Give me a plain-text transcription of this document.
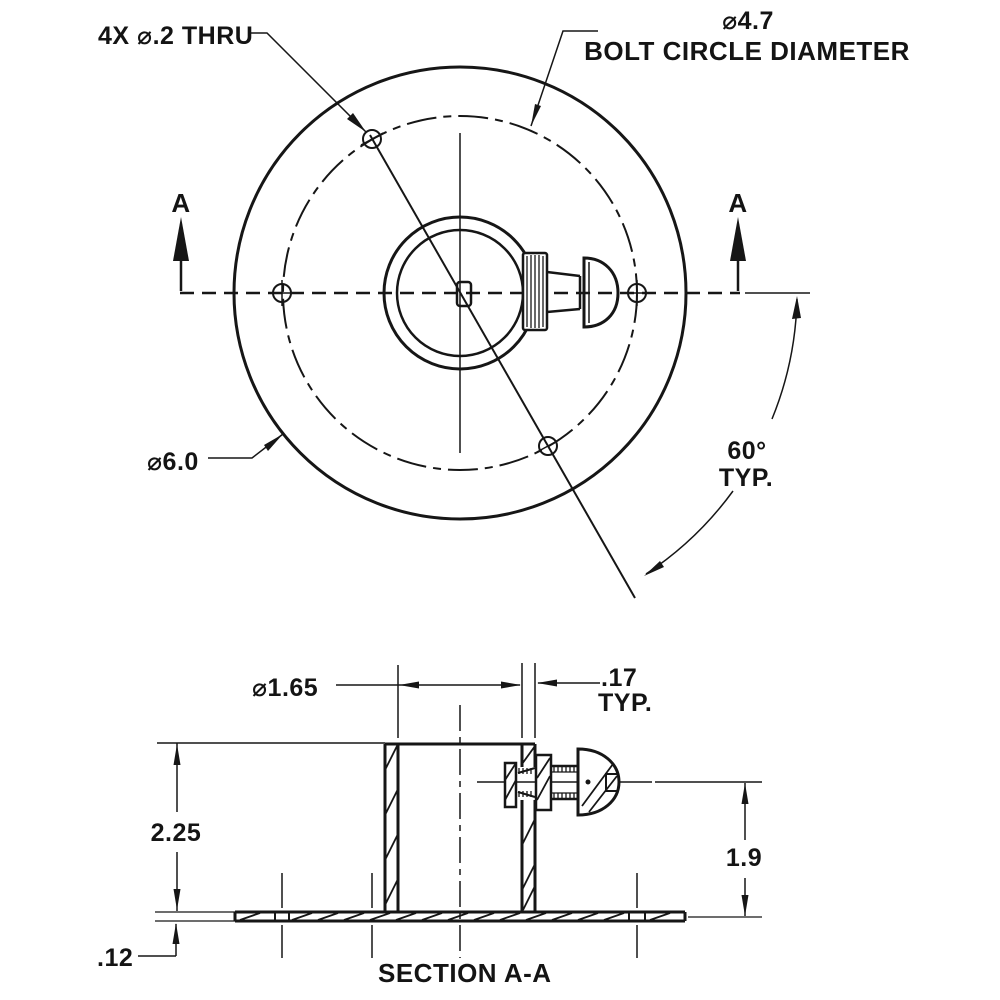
4X ⌀.2 THRU
⌀4.7
BOLT CIRCLE DIAMETER
A	A
⌀6.0	60°
TYP.
⌀1.65	.17
TYP.
2.25
1.9
.12	SECTION A-A
